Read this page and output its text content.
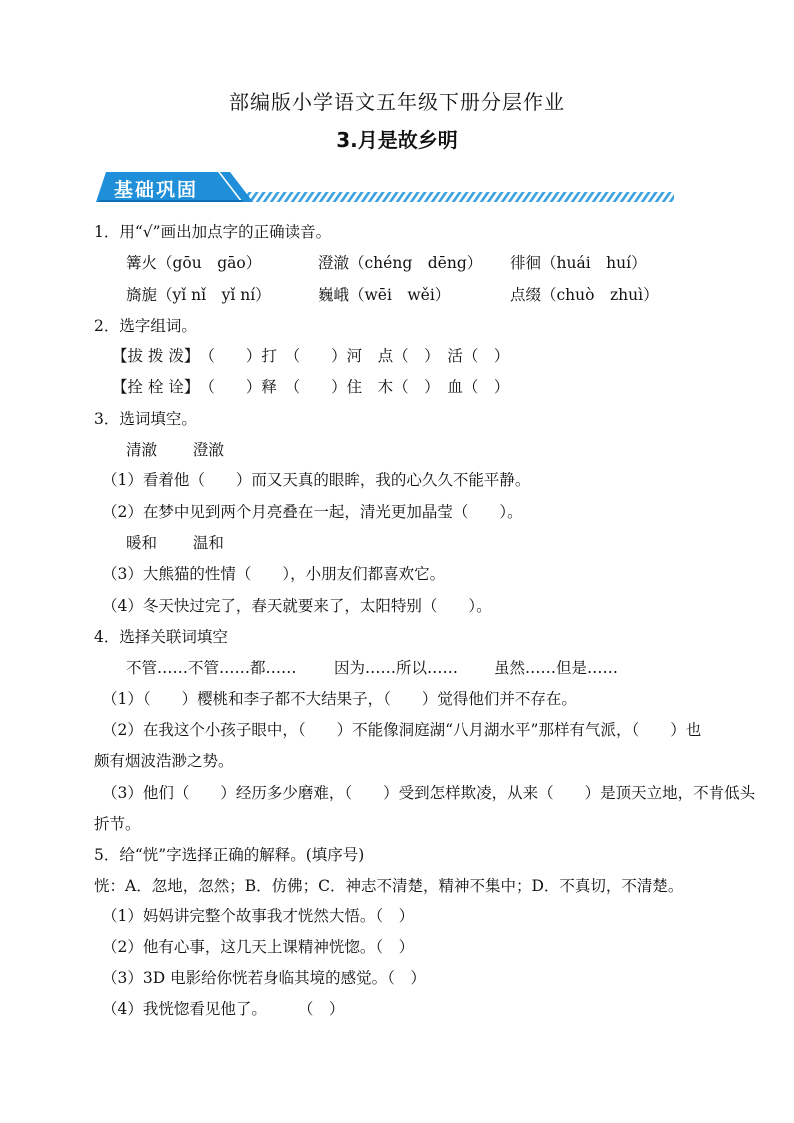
部编版小学语文五年级下册分层作业
3.月是故乡明
基础巩固
1．用“√”画出加点字的正确读音。
篝火（gōu　gāo）	澄澈（chéng　dēng） 徘徊（huái　huí）
旖旎（yǐ nǐ　yǐ ní）	巍峨（wēi　wěi）	点缀（chuò　zhuì）
2．选字组词。
【拔 拨 泼】　（　　）打　（　　）河　点（　）　活（　）
【拴 栓 诠】　（　　）释　（　　）住　木（　）　血（　）
3．选词填空。
清澈　　 澄澈
（1）看着他（　　）而又天真的眼眸，我的心久久不能平静。
（2）在梦中见到两个月亮叠在一起，清光更加晶莹（　　）。
暖和　　 温和
（3）大熊猫的性情（　　），小朋友们都喜欢它。
（4）冬天快过完了，春天就要来了，太阳特别（　　）。
4．选择关联词填空
不管……不管……都…… 因为……所以…… 虽然……但是……
（1）（　　）樱桃和李子都不大结果子，（　　）觉得他们并不存在。
（2）在我这个小孩子眼中，（　　）不能像洞庭湖“八月湖水平”那样有气派，（　　）也
颇有烟波浩渺之势。
（3）他们（　　）经历多少磨难，（　　）受到怎样欺凌，从来（　　）是顶天立地，不肯低头
折节。
5．给“恍”字选择正确的解释。(填序号)
恍：A．忽地，忽然；B．仿佛；C．神志不清楚，精神不集中；D．不真切，不清楚。
（1）妈妈讲完整个故事我才恍然大悟。（　）
（2）他有心事，这几天上课精神恍惚。（　）
（3）3D 电影给你恍若身临其境的感觉。（　）
（4）我恍惚看见他了。　　　（　）
